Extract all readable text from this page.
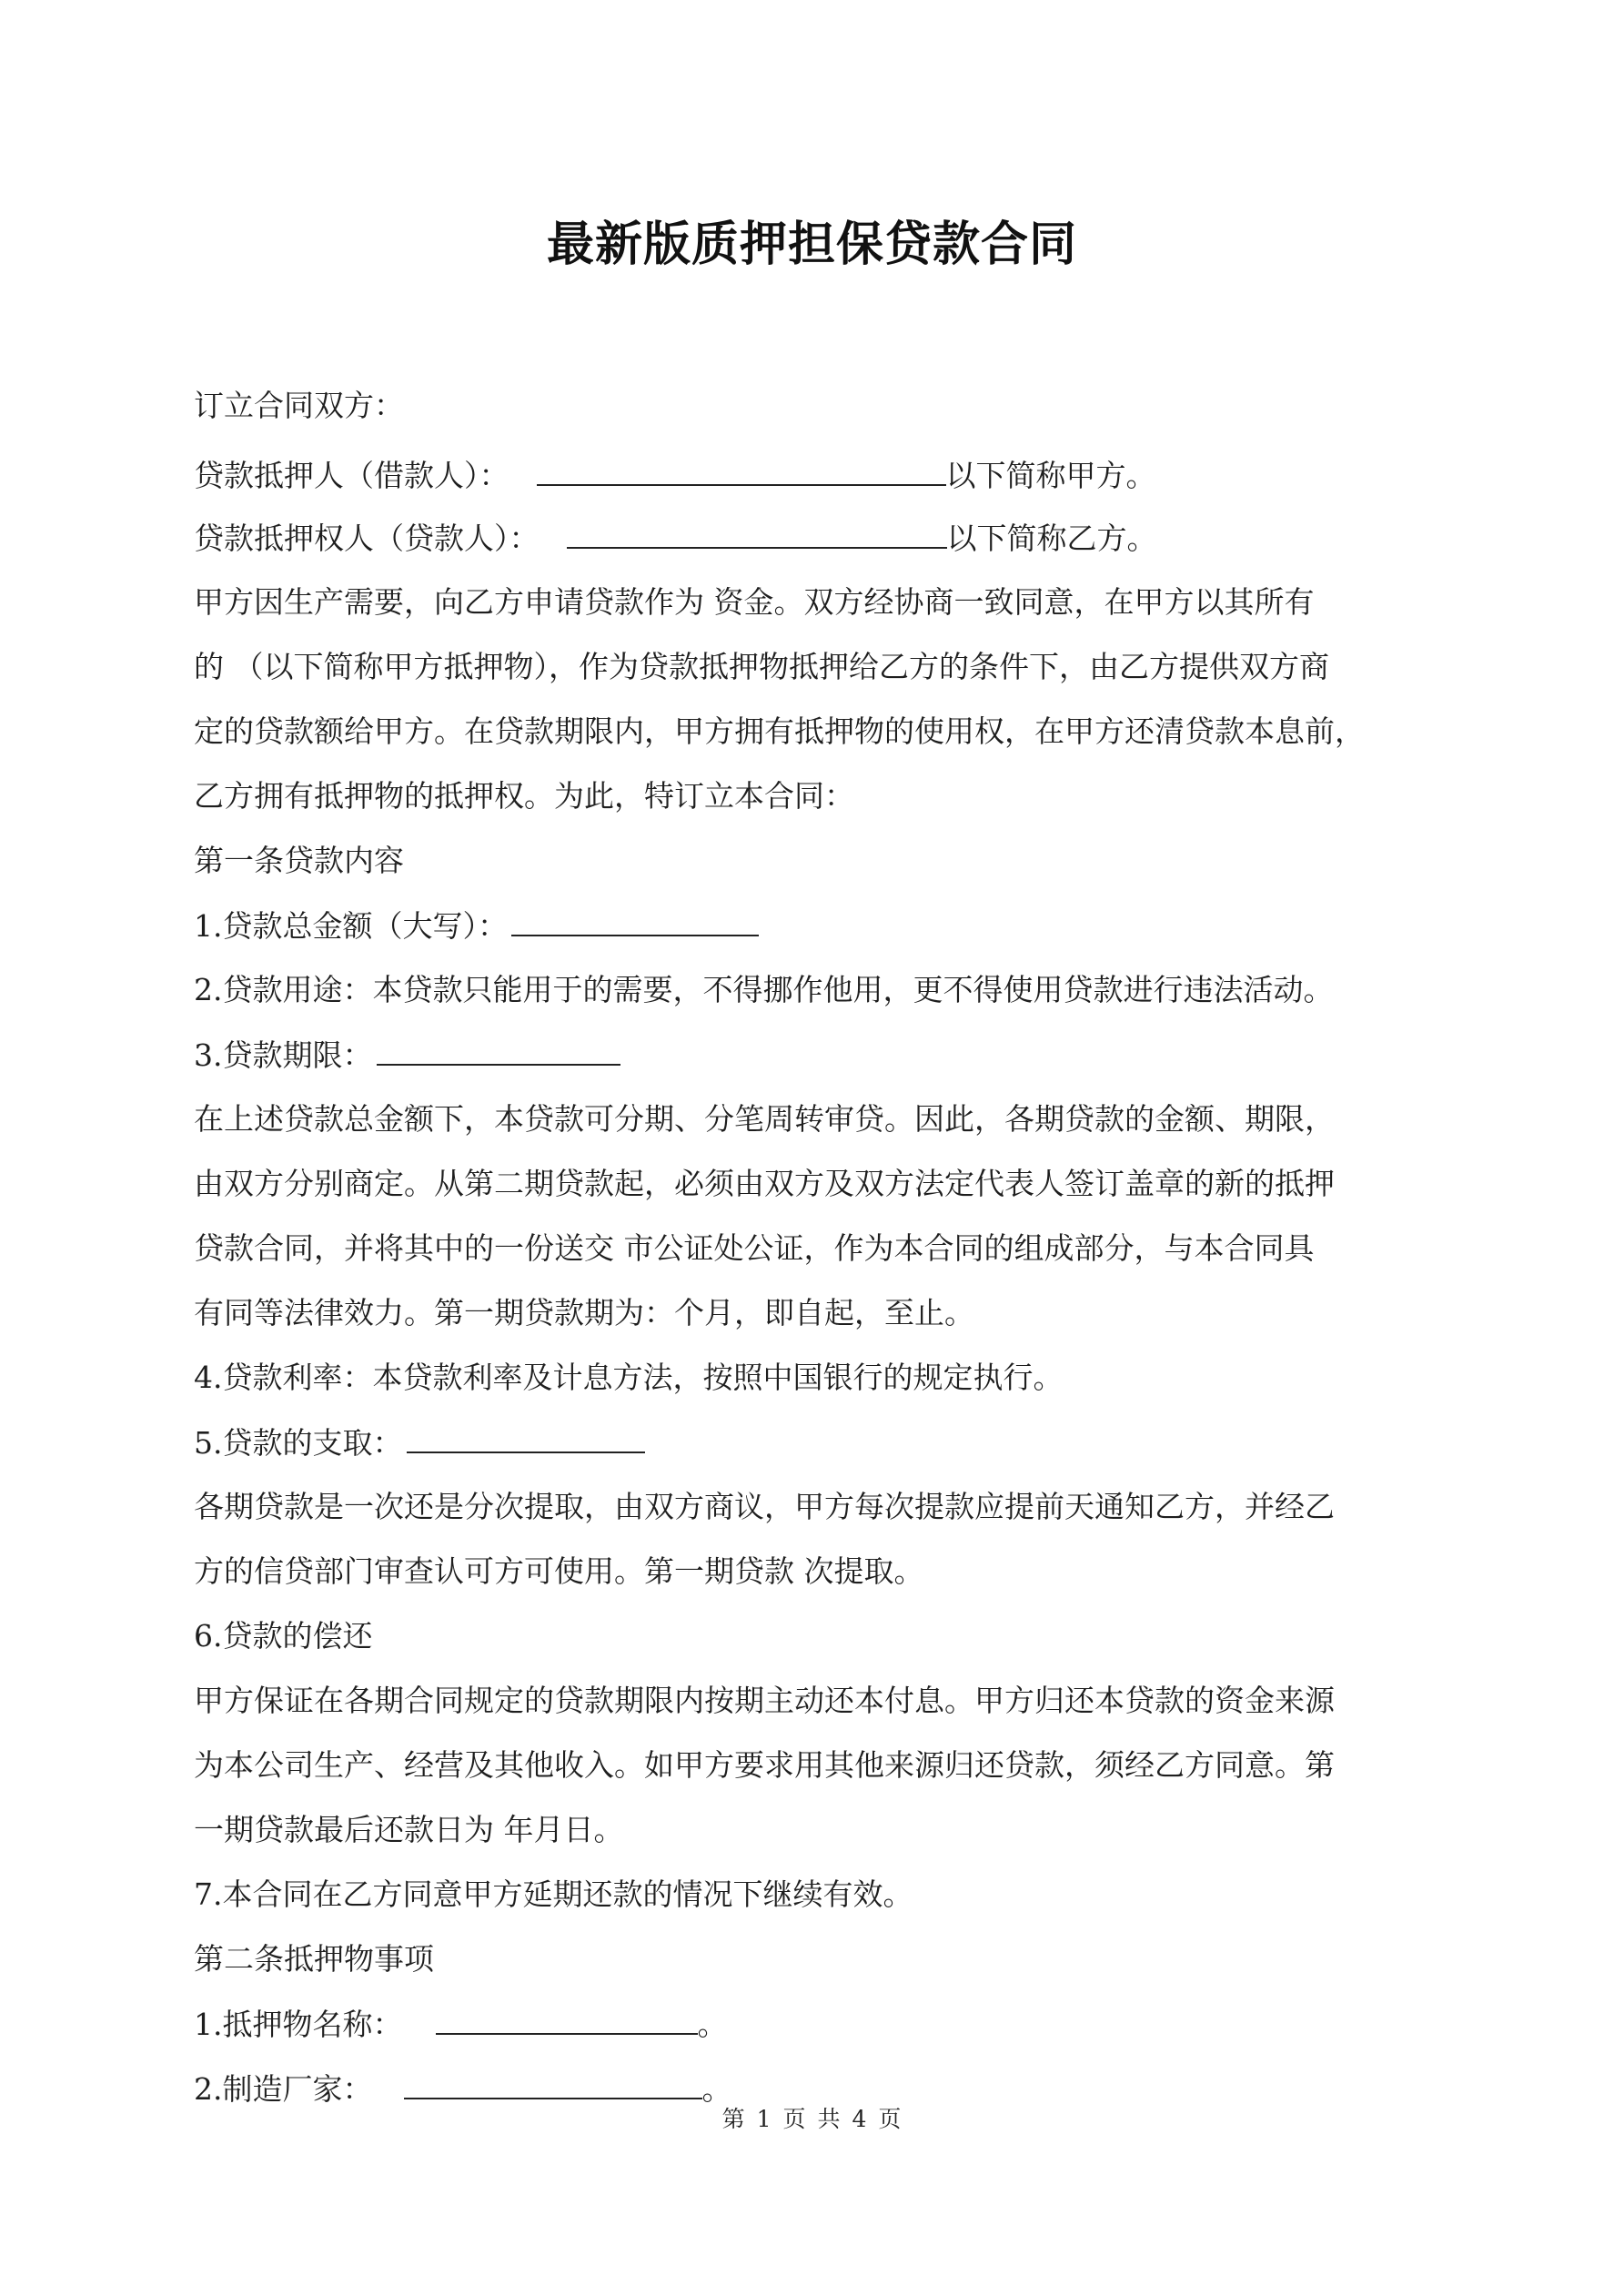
最新版质押担保贷款合同
订立合同双方：
贷款抵押人（借款人）：	以下简称甲方。
贷款抵押权人（贷款人）：	以下简称乙方。
甲方因生产需要，向乙方申请贷款作为 资金。双方经协商一致同意，在甲方以其所有
的 （以下简称甲方抵押物），作为贷款抵押物抵押给乙方的条件下，由乙方提供双方商
定的贷款额给甲方。在贷款期限内，甲方拥有抵押物的使用权，在甲方还清贷款本息前，
乙方拥有抵押物的抵押权。为此，特订立本合同：
第一条贷款内容
1.贷款总金额（大写）：
2.贷款用途：本贷款只能用于的需要，不得挪作他用，更不得使用贷款进行违法活动。
3.贷款期限：
在上述贷款总金额下，本贷款可分期、分笔周转审贷。因此，各期贷款的金额、期限，
由双方分别商定。从第二期贷款起，必须由双方及双方法定代表人签订盖章的新的抵押
贷款合同，并将其中的一份送交 市公证处公证，作为本合同的组成部分，与本合同具
有同等法律效力。第一期贷款期为：个月，即自起，至止。
4.贷款利率：本贷款利率及计息方法，按照中国银行的规定执行。
5.贷款的支取：
各期贷款是一次还是分次提取，由双方商议，甲方每次提款应提前天通知乙方，并经乙
方的信贷部门审查认可方可使用。第一期贷款 次提取。
6.贷款的偿还
甲方保证在各期合同规定的贷款期限内按期主动还本付息。甲方归还本贷款的资金来源
为本公司生产、经营及其他收入。如甲方要求用其他来源归还贷款，须经乙方同意。第
一期贷款最后还款日为 年月日。
7.本合同在乙方同意甲方延期还款的情况下继续有效。
第二条抵押物事项
1.抵押物名称：	。
2.制造厂家：	。
第 1 页 共 4 页
